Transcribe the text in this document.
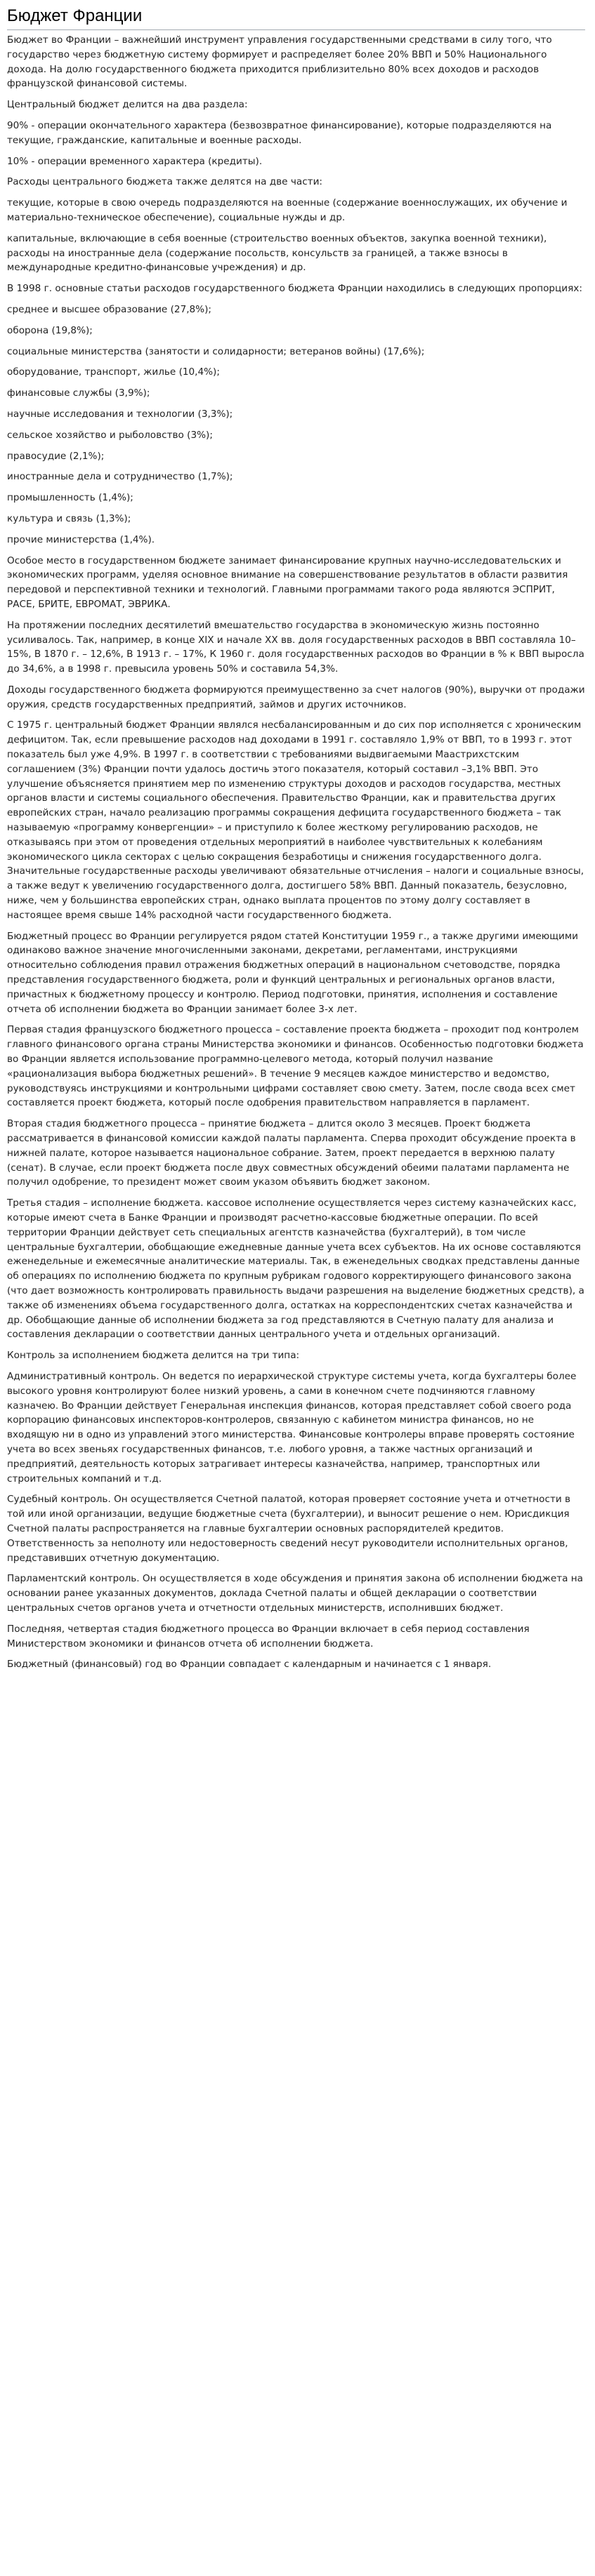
Бюджет Франции

Бюджет во Франции – важнейший инструмент управления государственными средствами в силу того, что государство через бюджетную систему формирует и распределяет более 20% ВВП и 50% Национального дохода. На долю государственного бюджета приходится приблизительно 80% всех доходов и расходов французской финансовой системы.

Центральный бюджет делится на два раздела:

90% - операции окончательного характера (безвозвратное финансирование), которые подразделяются на текущие, гражданские, капитальные и военные расходы.

10% - операции временного характера (кредиты).

Расходы центрального бюджета также делятся на две части:

текущие, которые в свою очередь подразделяются на военные (содержание военнослужащих, их обучение и материально-техническое обеспечение), социальные нужды и др.

капитальные, включающие в себя военные (строительство военных объектов, закупка военной техники), расходы на иностранные дела (содержание посольств, консульств за границей, а также взносы в международные кредитно-финансовые учреждения) и др.

В 1998 г. основные статьи расходов государственного бюджета Франции находились в следующих пропорциях:

среднее и высшее образование (27,8%);

оборона (19,8%);

социальные министерства (занятости и солидарности; ветеранов войны) (17,6%);

оборудование, транспорт, жилье (10,4%);

финансовые службы (3,9%);

научные исследования и технологии (3,3%);

сельское хозяйство и рыболовство (3%);

правосудие (2,1%);

иностранные дела и сотрудничество (1,7%);

промышленность (1,4%);

культура и связь (1,3%);

прочие министерства (1,4%).

Особое место в государственном бюджете занимает финансирование крупных научно-исследовательских и экономических программ, уделяя основное внимание на совершенствование результатов в области развития передовой и перспективной техники и технологий. Главными программами такого рода являются ЭСПРИТ, РАСЕ, БРИТЕ, ЕВРОМАТ, ЭВРИКА.

На протяжении последних десятилетий вмешательство государства в экономическую жизнь постоянно усиливалось. Так, например, в конце XIX и начале XX вв. доля государственных расходов в ВВП составляла 10–15%, В 1870 г. – 12,6%, В 1913 г. – 17%, К 1960 г. доля государственных расходов во Франции в % к ВВП выросла до 34,6%, а в 1998 г. превысила уровень 50% и составила 54,3%.

Доходы государственного бюджета формируются преимущественно за счет налогов (90%), выручки от продажи оружия, средств государственных предприятий, займов и других источников.

С 1975 г. центральный бюджет Франции являлся несбалансированным и до сих пор исполняется с хроническим дефицитом. Так, если превышение расходов над доходами в 1991 г. составляло 1,9% от ВВП, то в 1993 г. этот показатель был уже 4,9%. В 1997 г. в соответствии с требованиями выдвигаемыми Маастрихстским соглашением (3%) Франции почти удалось достичь этого показателя, который составил –3,1% ВВП. Это улучшение объясняется принятием мер по изменению структуры доходов и расходов государства, местных органов власти и системы социального обеспечения. Правительство Франции, как и правительства других европейских стран, начало реализацию программы сокращения дефицита государственного бюджета – так называемую «программу конвергенции» – и приступило к более жесткому регулированию расходов, не отказываясь при этом от проведения отдельных мероприятий в наиболее чувствительных к колебаниям экономического цикла секторах с целью сокращения безработицы и снижения государственного долга. Значительные государственные расходы увеличивают обязательные отчисления – налоги и социальные взносы, а также ведут к увеличению государственного долга, достигшего 58% ВВП. Данный показатель, безусловно, ниже, чем у большинства европейских стран, однако выплата процентов по этому долгу составляет в настоящее время свыше 14% расходной части государственного бюджета.

Бюджетный процесс во Франции регулируется рядом статей Конституции 1959 г., а также другими имеющими одинаково важное значение многочисленными законами, декретами, регламентами, инструкциями относительно соблюдения правил отражения бюджетных операций в национальном счетоводстве, порядка представления государственного бюджета, роли и функций центральных и региональных органов власти, причастных к бюджетному процессу и контролю. Период подготовки, принятия, исполнения и составление отчета об исполнении бюджета во Франции занимает более 3-х лет.

Первая стадия французского бюджетного процесса – составление проекта бюджета – проходит под контролем главного финансового органа страны Министерства экономики и финансов. Особенностью подготовки бюджета во Франции является использование программно-целевого метода, который получил название «рационализация выбора бюджетных решений». В течение 9 месяцев каждое министерство и ведомство, руководствуясь инструкциями и контрольными цифрами составляет свою смету. Затем, после свода всех смет составляется проект бюджета, который после одобрения правительством направляется в парламент.

Вторая стадия бюджетного процесса – принятие бюджета – длится около 3 месяцев. Проект бюджета рассматривается в финансовой комиссии каждой палаты парламента. Сперва проходит обсуждение проекта в нижней палате, которое называется национальное собрание. Затем, проект передается в верхнюю палату (сенат). В случае, если проект бюджета после двух совместных обсуждений обеими палатами парламента не получил одобрение, то президент может своим указом объявить бюджет законом.

Третья стадия – исполнение бюджета. кассовое исполнение осуществляется через систему казначейских касс, которые имеют счета в Банке Франции и производят расчетно-кассовые бюджетные операции. По всей территории Франции действует сеть специальных агентств казначейства (бухгалтерий), в том числе центральные бухгалтерии, обобщающие ежедневные данные учета всех субъектов. На их основе составляются еженедельные и ежемесячные аналитические материалы. Так, в еженедельных сводках представлены данные об операциях по исполнению бюджета по крупным рубрикам годового корректирующего финансового закона (что дает возможность контролировать правильность выдачи разрешения на выделение бюджетных средств), а также об изменениях объема государственного долга, остатках на корреспондентских счетах казначейства и др. Обобщающие данные об исполнении бюджета за год представляются в Счетную палату для анализа и составления декларации о соответствии данных центрального учета и отдельных организаций.

Контроль за исполнением бюджета делится на три типа:

Административный контроль. Он ведется по иерархической структуре системы учета, когда бухгалтеры более высокого уровня контролируют более низкий уровень, а сами в конечном счете подчиняются главному казначею. Во Франции действует Генеральная инспекция финансов, которая представляет собой своего рода корпорацию финансовых инспекторов-контролеров, связанную с кабинетом министра финансов, но не входящую ни в одно из управлений этого министерства. Финансовые контролеры вправе проверять состояние учета во всех звеньях государственных финансов, т.е. любого уровня, а также частных организаций и предприятий, деятельность которых затрагивает интересы казначейства, например, транспортных или строительных компаний и т.д.

Судебный контроль. Он осуществляется Счетной палатой, которая проверяет состояние учета и отчетности в той или иной организации, ведущие бюджетные счета (бухгалтерии), и выносит решение о нем. Юрисдикция Счетной палаты распространяется на главные бухгалтерии основных распорядителей кредитов. Ответственность за неполноту или недостоверность сведений несут руководители исполнительных органов, представивших отчетную документацию.

Парламентский контроль. Он осуществляется в ходе обсуждения и принятия закона об исполнении бюджета на основании ранее указанных документов, доклада Счетной палаты и общей декларации о соответствии центральных счетов органов учета и отчетности отдельных министерств, исполнивших бюджет.

Последняя, четвертая стадия бюджетного процесса во Франции включает в себя период составления Министерством экономики и финансов отчета об исполнении бюджета.

Бюджетный (финансовый) год во Франции совпадает с календарным и начинается с 1 января.
